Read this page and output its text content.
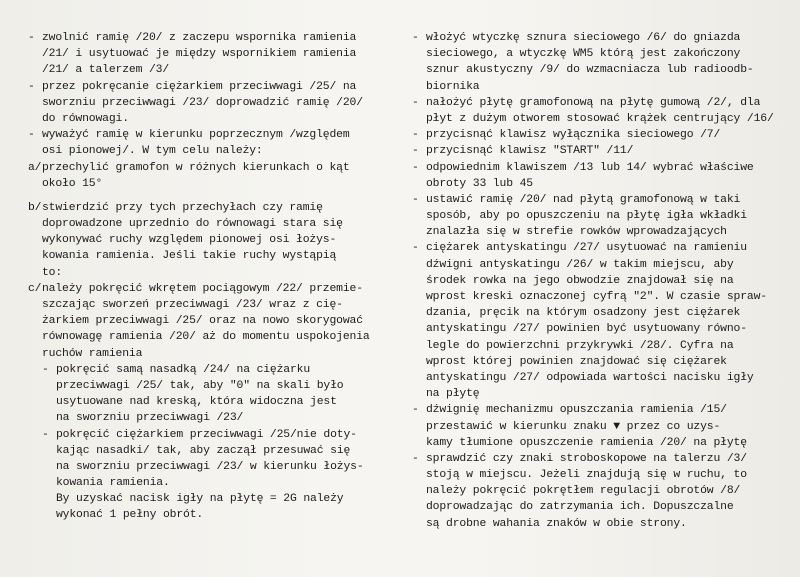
- zwolnić ramię /20/ z zaczepu wspornika ramienia
/21/ i usytuować je między wspornikiem ramienia
/21/ a talerzem /3/
- przez pokręcanie ciężarkiem przeciwwagi /25/ na
sworzniu przeciwwagi /23/ doprowadzić ramię /20/
do równowagi.
- wyważyć ramię w kierunku poprzecznym /względem
osi pionowej/. W tym celu należy:
a/przechylić gramofon w różnych kierunkach o kąt
około 15°
b/stwierdzić przy tych przechyłach czy ramię
doprowadzone uprzednio do równowagi stara się
wykonywać ruchy względem pionowej osi łożys-
kowania ramienia. Jeśli takie ruchy wystąpią
to:
c/należy pokręcić wkrętem pociągowym /22/ przemie-
szczając sworzeń przeciwwagi /23/ wraz z cię-
żarkiem przeciwwagi /25/ oraz na nowo skorygować
równowagę ramienia /20/ aż do momentu uspokojenia
ruchów ramienia
- pokręcić samą nasadką /24/ na ciężarku
przeciwwagi /25/ tak, aby "0" na skali było
usytuowane nad kreską, która widoczna jest
na sworzniu przeciwwagi /23/
- pokręcić ciężarkiem przeciwwagi /25/nie doty-
kając nasadki/ tak, aby zaczął przesuwać się
na sworzniu przeciwwagi /23/ w kierunku łożys-
kowania ramienia.
By uzyskać nacisk igły na płytę = 2G należy
wykonać 1 pełny obrót.
- włożyć wtyczkę sznura sieciowego /6/ do gniazda
sieciowego, a wtyczkę WM5 którą jest zakończony
sznur akustyczny /9/ do wzmacniacza lub radioodb-
biornika
- nałożyć płytę gramofonową na płytę gumową /2/, dla
płyt z dużym otworem stosować krążek centrujący /16/
- przycisnąć klawisz wyłącznika sieciowego /7/
- przycisnąć klawisz "START" /11/
- odpowiednim klawiszem /13 lub 14/ wybrać właściwe
obroty 33 lub 45
- ustawić ramię /20/ nad płytą gramofonową w taki
sposób, aby po opuszczeniu na płytę igła wkładki
znalazła się w strefie rowków wprowadzających
- ciężarek antyskatingu /27/ usytuować na ramieniu
dźwigni antyskatingu /26/ w takim miejscu, aby
środek rowka na jego obwodzie znajdował się na
wprost kreski oznaczonej cyfrą "2". W czasie spraw-
dzania, pręcik na którym osadzony jest ciężarek
antyskatingu /27/ powinien być usytuowany równo-
legle do powierzchni przykrywki /28/. Cyfra na
wprost której powinien znajdować się ciężarek
antyskatingu /27/ odpowiada wartości nacisku igły
na płytę
- dźwignię mechanizmu opuszczania ramienia /15/
przestawić w kierunku znaku ▼ przez co uzys-
kamy tłumione opuszczenie ramienia /20/ na płytę
- sprawdzić czy znaki stroboskopowe na talerzu /3/
stoją w miejscu. Jeżeli znajdują się w ruchu, to
należy pokręcić pokrętłem regulacji obrotów /8/
doprowadzając do zatrzymania ich. Dopuszczalne
są drobne wahania znaków w obie strony.
